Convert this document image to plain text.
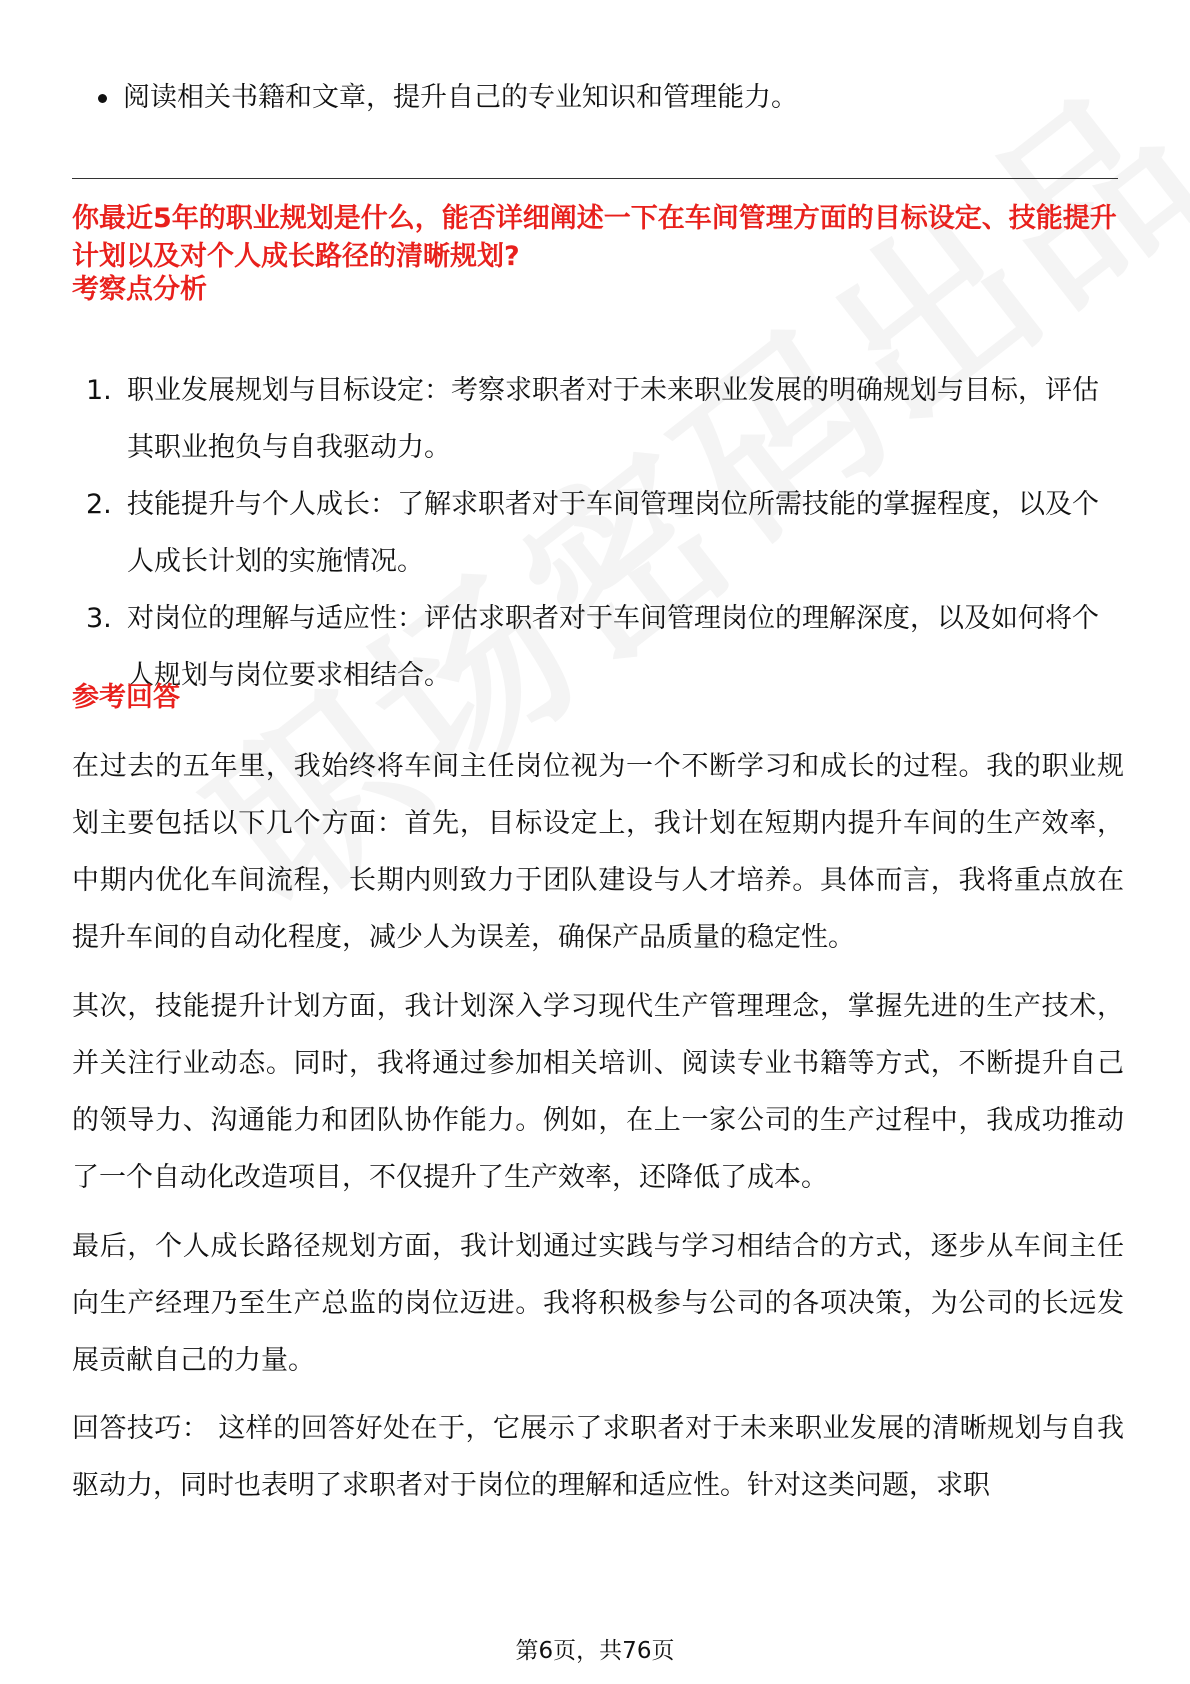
阅读相关书籍和文章，提升自己的专业知识和管理能力。
你最近5年的职业规划是什么，能否详细阐述一下在车间管理方面的目标设定、技能提升计划以及对个人成长路径的清晰规划?
考察点分析
1. 职业发展规划与目标设定：考察求职者对于未来职业发展的明确规划与目标，评估其职业抱负与自我驱动力。
2. 技能提升与个人成长：了解求职者对于车间管理岗位所需技能的掌握程度，以及个人成长计划的实施情况。
3. 对岗位的理解与适应性：评估求职者对于车间管理岗位的理解深度，以及如何将个人规划与岗位要求相结合。
参考回答

在过去的五年里，我始终将车间主任岗位视为一个不断学习和成长的过程。我的职业规划主要包括以下几个方面：首先，目标设定上，我计划在短期内提升车间的生产效率，中期内优化车间流程，长期内则致力于团队建设与人才培养。具体而言，我将重点放在提升车间的自动化程度，减少人为误差，确保产品质量的稳定性。

其次，技能提升计划方面，我计划深入学习现代生产管理理念，掌握先进的生产技术，并关注行业动态。同时，我将通过参加相关培训、阅读专业书籍等方式，不断提升自己的领导力、沟通能力和团队协作能力。例如，在上一家公司的生产过程中，我成功推动了一个自动化改造项目，不仅提升了生产效率，还降低了成本。

最后，个人成长路径规划方面，我计划通过实践与学习相结合的方式，逐步从车间主任向生产经理乃至生产总监的岗位迈进。我将积极参与公司的各项决策，为公司的长远发展贡献自己的力量。

回答技巧： 这样的回答好处在于，它展示了求职者对于未来职业发展的清晰规划与自我驱动力，同时也表明了求职者对于岗位的理解和适应性。针对这类问题，求职

第6页，共76页
